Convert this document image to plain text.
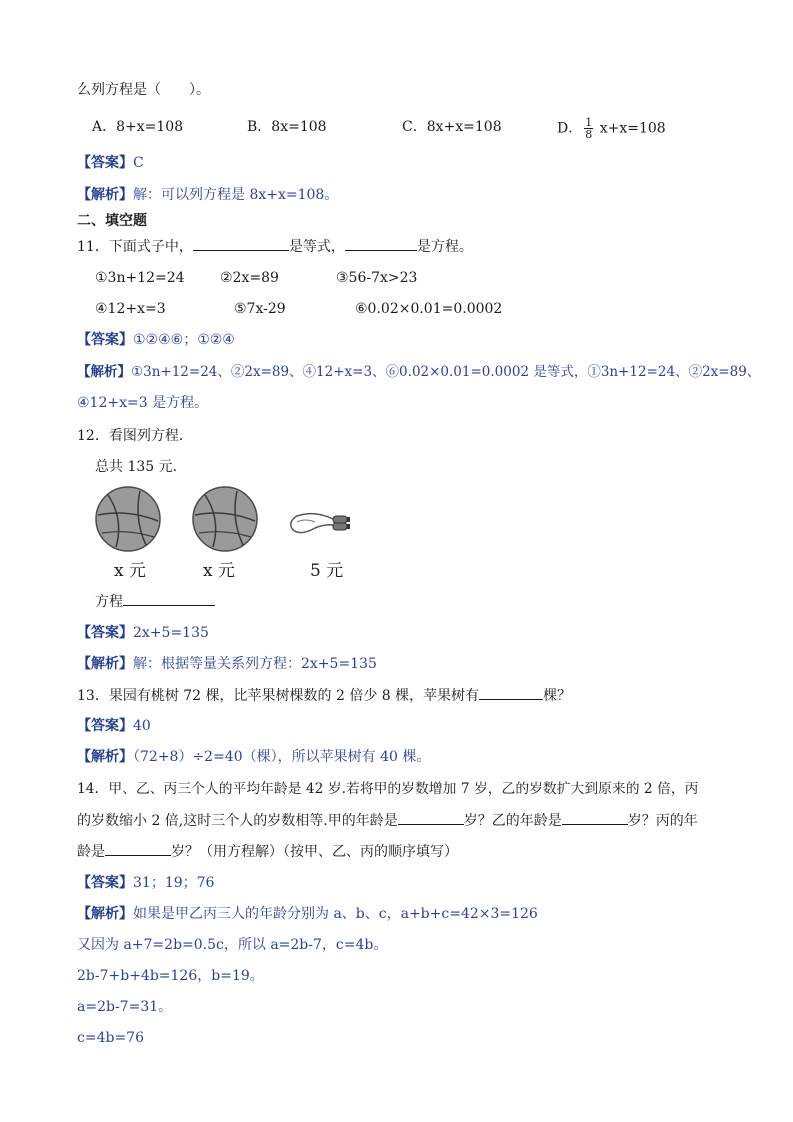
么列方程是（　　）。
A．8+x=108	B．8x=108	C．8x+x=108	D． $\frac{1}{8} x+x=108$
【答案】C
【解析】解：可以列方程是 8x+x=108。
二、填空题
11．下面式子中，	是等式，	是方程。
①3n+12=24	②2x=89	③56-7x>23
④12+x=3	⑤7x-29	⑥0.02×0.01=0.0002
【答案】①②④⑥；①②④
【解析】①3n+12=24、②2x=89、④12+x=3、⑥0.02×0.01=0.0002 是等式，①3n+12=24、②2x=89、
④12+x=3 是方程。
12．看图列方程．
总共 135 元．
x 元	x 元	5 元
方程
【答案】2x+5=135
【解析】解：根据等量关系列方程：2x+5=135
13．果园有桃树 72 棵，比苹果树棵数的 2 倍少 8 棵，苹果树有	棵？
【答案】40
【解析】（72+8）÷2=40（棵），所以苹果树有 40 棵。
14．甲、乙、丙三个人的平均年龄是 42 岁.若将甲的岁数增加 7 岁，乙的岁数扩大到原来的 2 倍，丙
的岁数缩小 2 倍,这时三个人的岁数相等.甲的年龄是	岁？乙的年龄是	岁？丙的年
龄是	岁？（用方程解）（按甲、乙、丙的顺序填写）
【答案】31；19；76
【解析】如果是甲乙丙三人的年龄分别为 a、b、c，a+b+c=42×3=126
又因为 a+7=2b=0.5c，所以 a=2b-7，c=4b。
2b-7+b+4b=126，b=19。
a=2b-7=31。
c=4b=76
